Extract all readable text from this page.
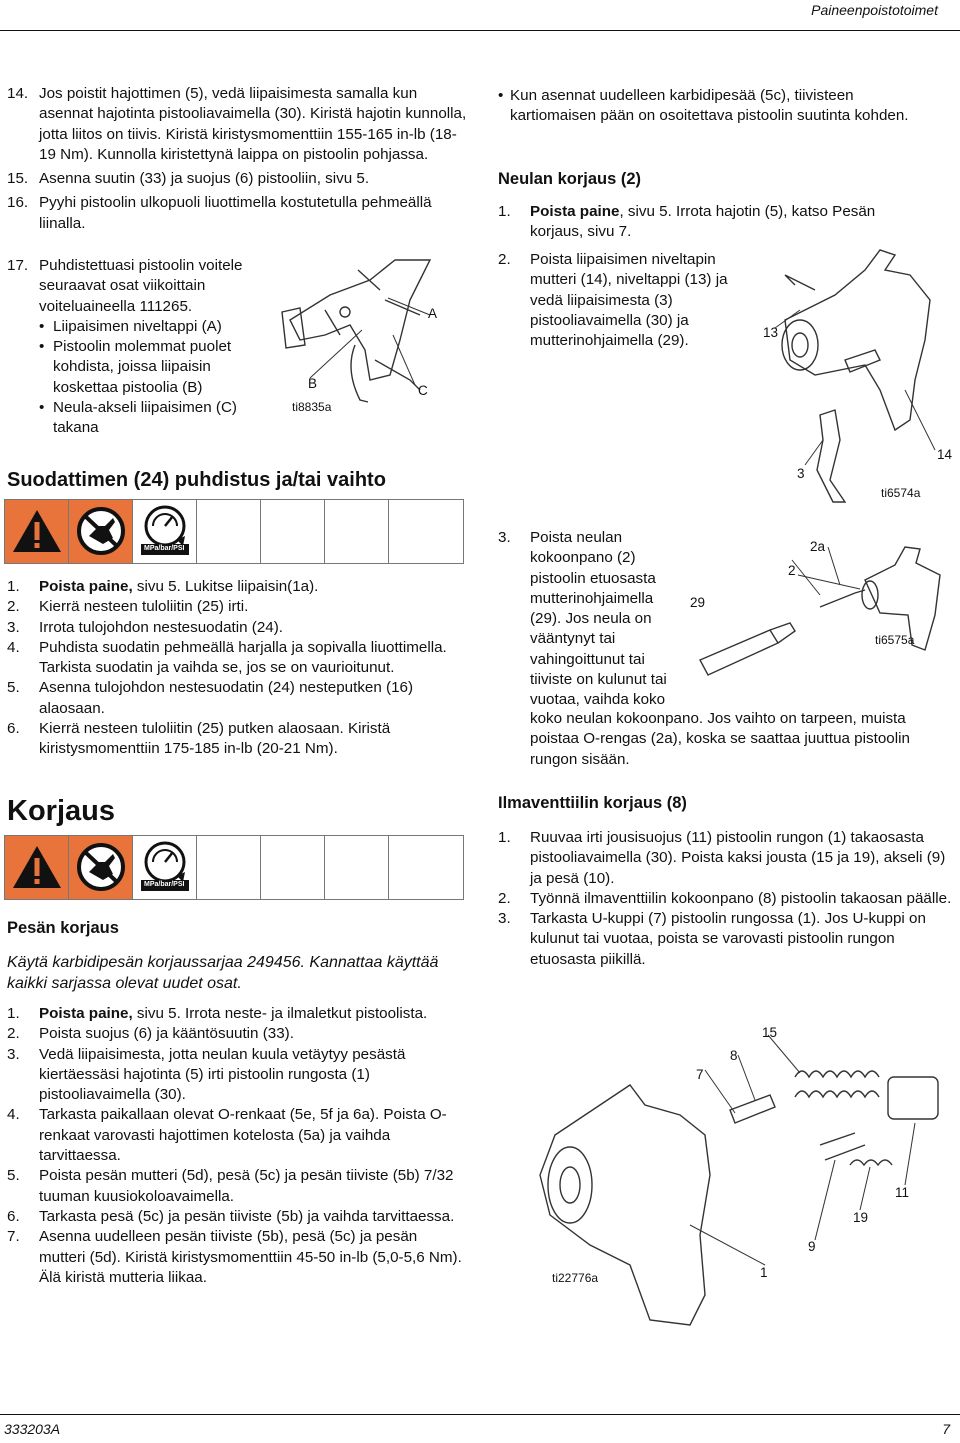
Paineenpoistotoimet
333203A	7
14. Jos poistit hajottimen (5), vedä liipaisimesta samalla kun asennat hajotinta pistooliavaimella (30). Kiristä hajotin kunnolla, jotta liitos on tiivis. Kiristä kiristysmomenttiin 155-165 in-lb (18-19 Nm). Kunnolla kiristettynä laippa on pistoolin pohjassa.
15. Asenna suutin (33) ja suojus (6) pistooliin, sivu 5.
16. Pyyhi pistoolin ulkopuoli liuottimella kostutetulla pehmeällä liinalla.
17. Puhdistettuasi pistoolin voitele seuraavat osat viikoittain voiteluaineella 111265.
• Liipaisimen niveltappi (A)
• Pistoolin molemmat puolet kohdista, joissa liipaisin koskettaa pistoolia (B)
• Neula-akseli liipaisimen (C) takana
A
B	C
ti8835a
Suodattimen (24) puhdistus ja/tai vaihto
MPa/bar/PSI
1. Poista paine, sivu 5. Lukitse liipaisin(1a).
2. Kierrä nesteen tuloliitin (25) irti.
3. Irrota tulojohdon nestesuodatin (24).
4. Puhdista suodatin pehmeällä harjalla ja sopivalla liuottimella. Tarkista suodatin ja vaihda se, jos se on vaurioitunut.
5. Asenna tulojohdon nestesuodatin (24) nesteputken (16) alaosaan.
6. Kierrä nesteen tuloliitin (25) putken alaosaan. Kiristä kiristysmomenttiin 175-185 in-lb (20-21 Nm).
Korjaus
MPa/bar/PSI
Pesän korjaus
Käytä karbidipesän korjaussarjaa 249456. Kannattaa käyttää kaikki sarjassa olevat uudet osat.
1. Poista paine, sivu 5. Irrota neste- ja ilmaletkut pistoolista.
2. Poista suojus (6) ja kääntösuutin (33).
3. Vedä liipaisimesta, jotta neulan kuula vetäytyy pesästä kiertäessäsi hajotinta (5) irti pistoolin rungosta (1) pistooliavaimella (30).
4. Tarkasta paikallaan olevat O-renkaat (5e, 5f ja 6a). Poista O-renkaat varovasti hajottimen kotelosta (5a) ja vaihda tarvittaessa.
5. Poista pesän mutteri (5d), pesä (5c) ja pesän tiiviste (5b) 7/32 tuuman kuusiokoloavaimella.
6. Tarkasta pesä (5c) ja pesän tiiviste (5b) ja vaihda tarvittaessa.
7. Asenna uudelleen pesän tiiviste (5b), pesä (5c) ja pesän mutteri (5d). Kiristä kiristysmomenttiin 45-50 in-lb (5,0-5,6 Nm). Älä kiristä mutteria liikaa.
• Kun asennat uudelleen karbidipesää (5c), tiivisteen kartiomaisen pään on osoitettava pistoolin suutinta kohden.
Neulan korjaus (2)
1. Poista paine, sivu 5. Irrota hajotin (5), katso Pesän korjaus, sivu 7.
2. Poista liipaisimen niveltapin mutteri (14), niveltappi (13) ja vedä liipaisimesta (3) pistooliavaimella (30) ja mutterinohjaimella (29).	13
14
3
ti6574a
3. Poista neulan kokoonpano (2) pistoolin etuosasta mutterinohjaimella (29). Jos neula on vääntynyt tai vahingoittunut tai tiiviste on kulunut tai vuotaa, vaihda koko
2a
2
29
ti6575a
koko neulan kokoonpano. Jos vaihto on tarpeen, muista poistaa O-rengas (2a), koska se saattaa juuttua pistoolin rungon sisään.
Ilmaventtiilin korjaus (8)
1. Ruuvaa irti jousisuojus (11) pistoolin rungon (1) takaosasta pistooliavaimella (30). Poista kaksi jousta (15 ja 19), akseli (9) ja pesä (10).
2. Työnnä ilmaventtiilin kokoonpano (8) pistoolin takaosan päälle.
3. Tarkasta U-kuppi (7) pistoolin rungossa (1). Jos U-kuppi on kulunut tai vuotaa, poista se varovasti pistoolin rungon etuosasta piikillä.
15
8
7
11
19
9
1
ti22776a
